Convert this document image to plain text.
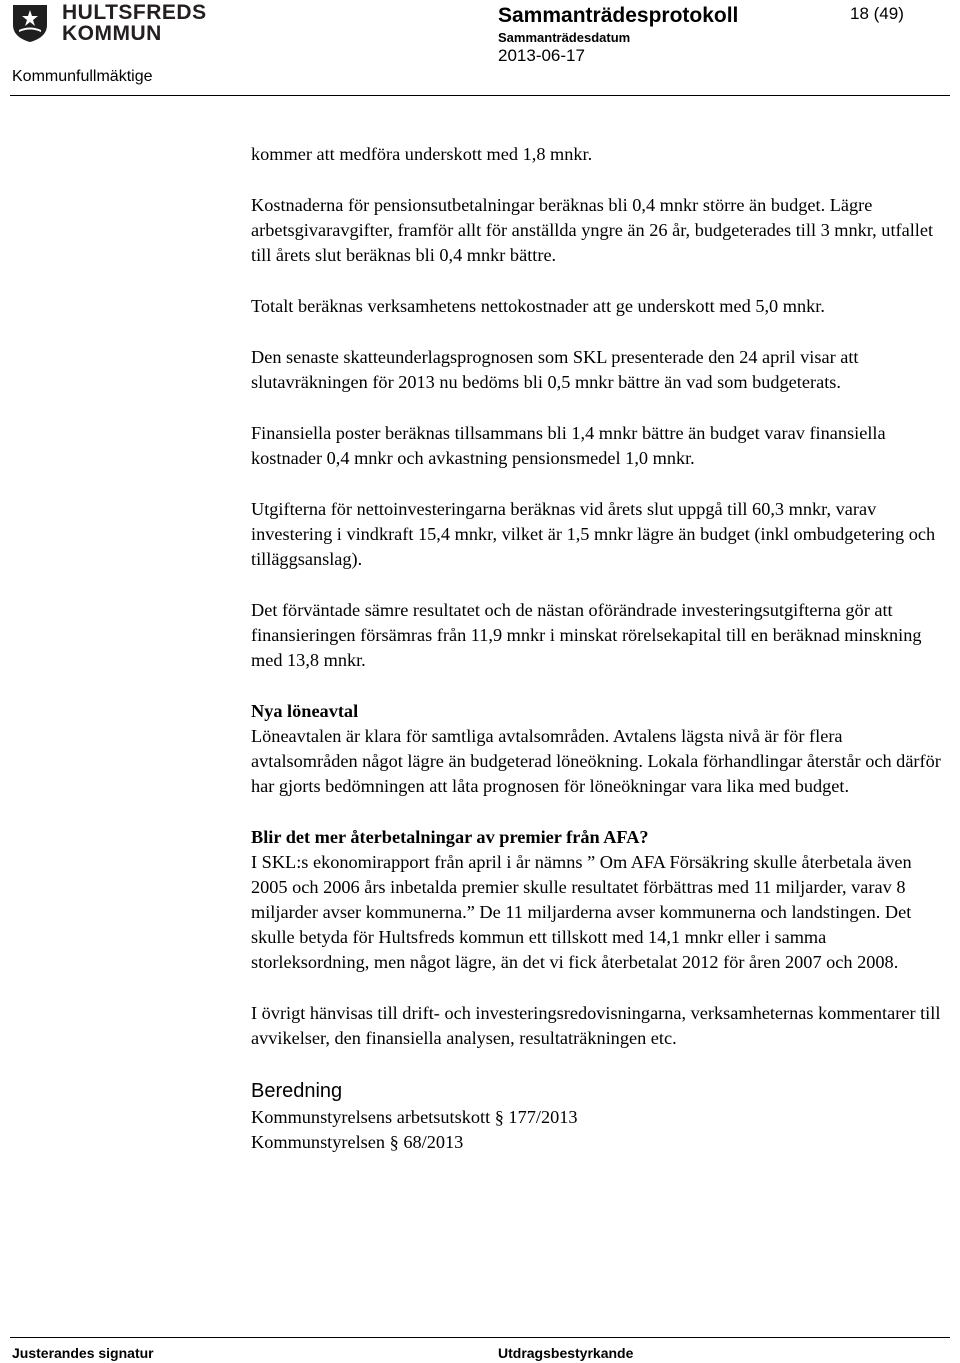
HULTSFREDS
KOMMUN
Kommunfullmäktige
Sammanträdesprotokoll	18 (49)
Sammanträdesdatum
2013-06-17

kommer att medföra underskott med 1,8 mnkr.

Kostnaderna för pensionsutbetalningar beräknas bli 0,4 mnkr större än budget. Lägre arbetsgivaravgifter, framför allt för anställda yngre än 26 år, budgeterades till 3 mnkr, utfallet till årets slut beräknas bli 0,4 mnkr bättre.

Totalt beräknas verksamhetens nettokostnader att ge underskott med 5,0 mnkr.

Den senaste skatteunderlagsprognosen som SKL presenterade den 24 april visar att slutavräkningen för 2013 nu bedöms bli 0,5 mnkr bättre än vad som budgeterats.

Finansiella poster beräknas tillsammans bli 1,4 mnkr bättre än budget varav finansiella kostnader 0,4 mnkr och avkastning pensionsmedel 1,0 mnkr.

Utgifterna för nettoinvesteringarna beräknas vid årets slut uppgå till 60,3 mnkr, varav investering i vindkraft 15,4 mnkr, vilket är 1,5 mnkr lägre än budget (inkl ombudgetering och tilläggsanslag).

Det förväntade sämre resultatet och de nästan oförändrade investeringsutgifterna gör att finansieringen försämras från 11,9 mnkr i minskat rörelsekapital till en beräknad minskning med 13,8 mnkr.

Nya löneavtal

Löneavtalen är klara för samtliga avtalsområden. Avtalens lägsta nivå är för flera avtalsområden något lägre än budgeterad löneökning. Lokala förhandlingar återstår och därför har gjorts bedömningen att låta prognosen för löneökningar vara lika med budget.

Blir det mer återbetalningar av premier från AFA?

I SKL:s ekonomirapport från april i år nämns ” Om AFA Försäkring skulle återbetala även 2005 och 2006 års inbetalda premier skulle resultatet förbättras med 11 miljarder, varav 8 miljarder avser kommunerna.” De 11 miljarderna avser kommunerna och landstingen. Det skulle betyda för Hultsfreds kommun ett tillskott med 14,1 mnkr eller i samma storleksordning, men något lägre, än det vi fick återbetalat 2012 för åren 2007 och 2008.

I övrigt hänvisas till drift- och investeringsredovisningarna, verksamheternas kommentarer till avvikelser, den finansiella analysen, resultaträkningen etc.

Beredning
Kommunstyrelsens arbetsutskott § 177/2013
Kommunstyrelsen § 68/2013
Justerandes signatur	Utdragsbestyrkande
